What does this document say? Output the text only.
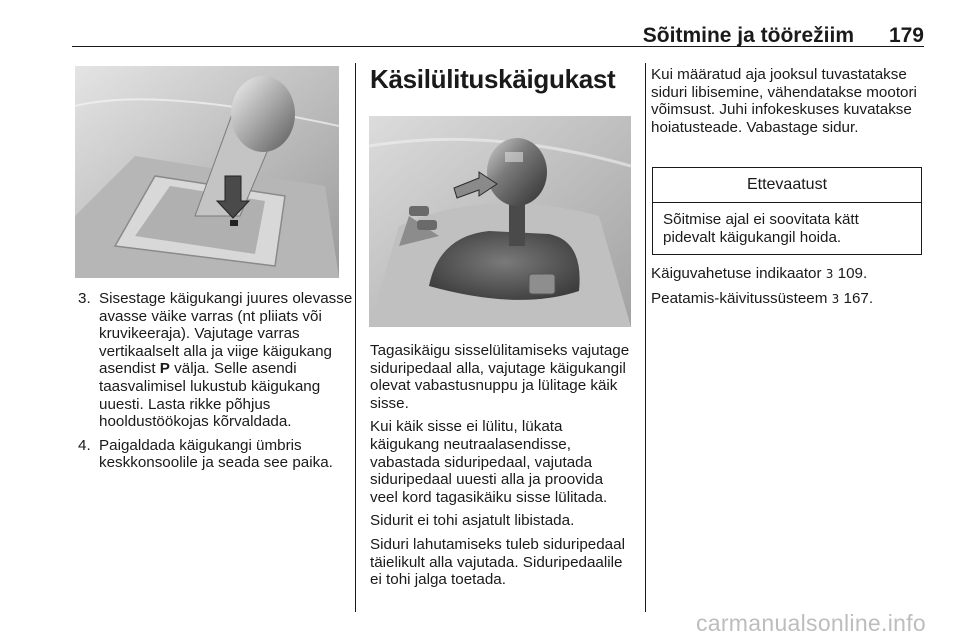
Sõitmine ja töörežiim 179
3. Sisestage käigukangi juures olevasse avasse väike varras (nt pliiats või kruvikeeraja). Vajutage varras vertikaalselt alla ja viige käigukang asendist P välja. Selle asendi taasvalimisel lukustub käigukang uuesti. Lasta rikke põhjus hooldustöökojas kõrvaldada.
4. Paigaldada käigukangi ümbris keskkonsoolile ja seada see paika.
Käsilülituskäigukast

Tagasikäigu sisselülitamiseks vajutage siduripedaal alla, vajutage käigukangil olevat vabastusnuppu ja lülitage käik sisse.

Kui käik sisse ei lülitu, lükata käigukang neutraalasendisse, vabastada siduripedaal, vajutada siduripedaal uuesti alla ja proovida veel kord tagasikäiku sisse lülitada.

Sidurit ei tohi asjatult libistada.

Siduri lahutamiseks tuleb siduripedaal täielikult alla vajutada. Siduripedaalile ei tohi jalga toetada.

Kui määratud aja jooksul tuvastatakse siduri libisemine, vähendatakse mootori võimsust. Juhi infokeskuses kuvatakse hoiatusteade. Vabastage sidur.

Ettevaatust
Sõitmise ajal ei soovitata kätt pidevalt käigukangil hoida.

Käiguvahetuse indikaator 3 109.

Peatamis-käivitussüsteem 3 167.

carmanualsonline.info
